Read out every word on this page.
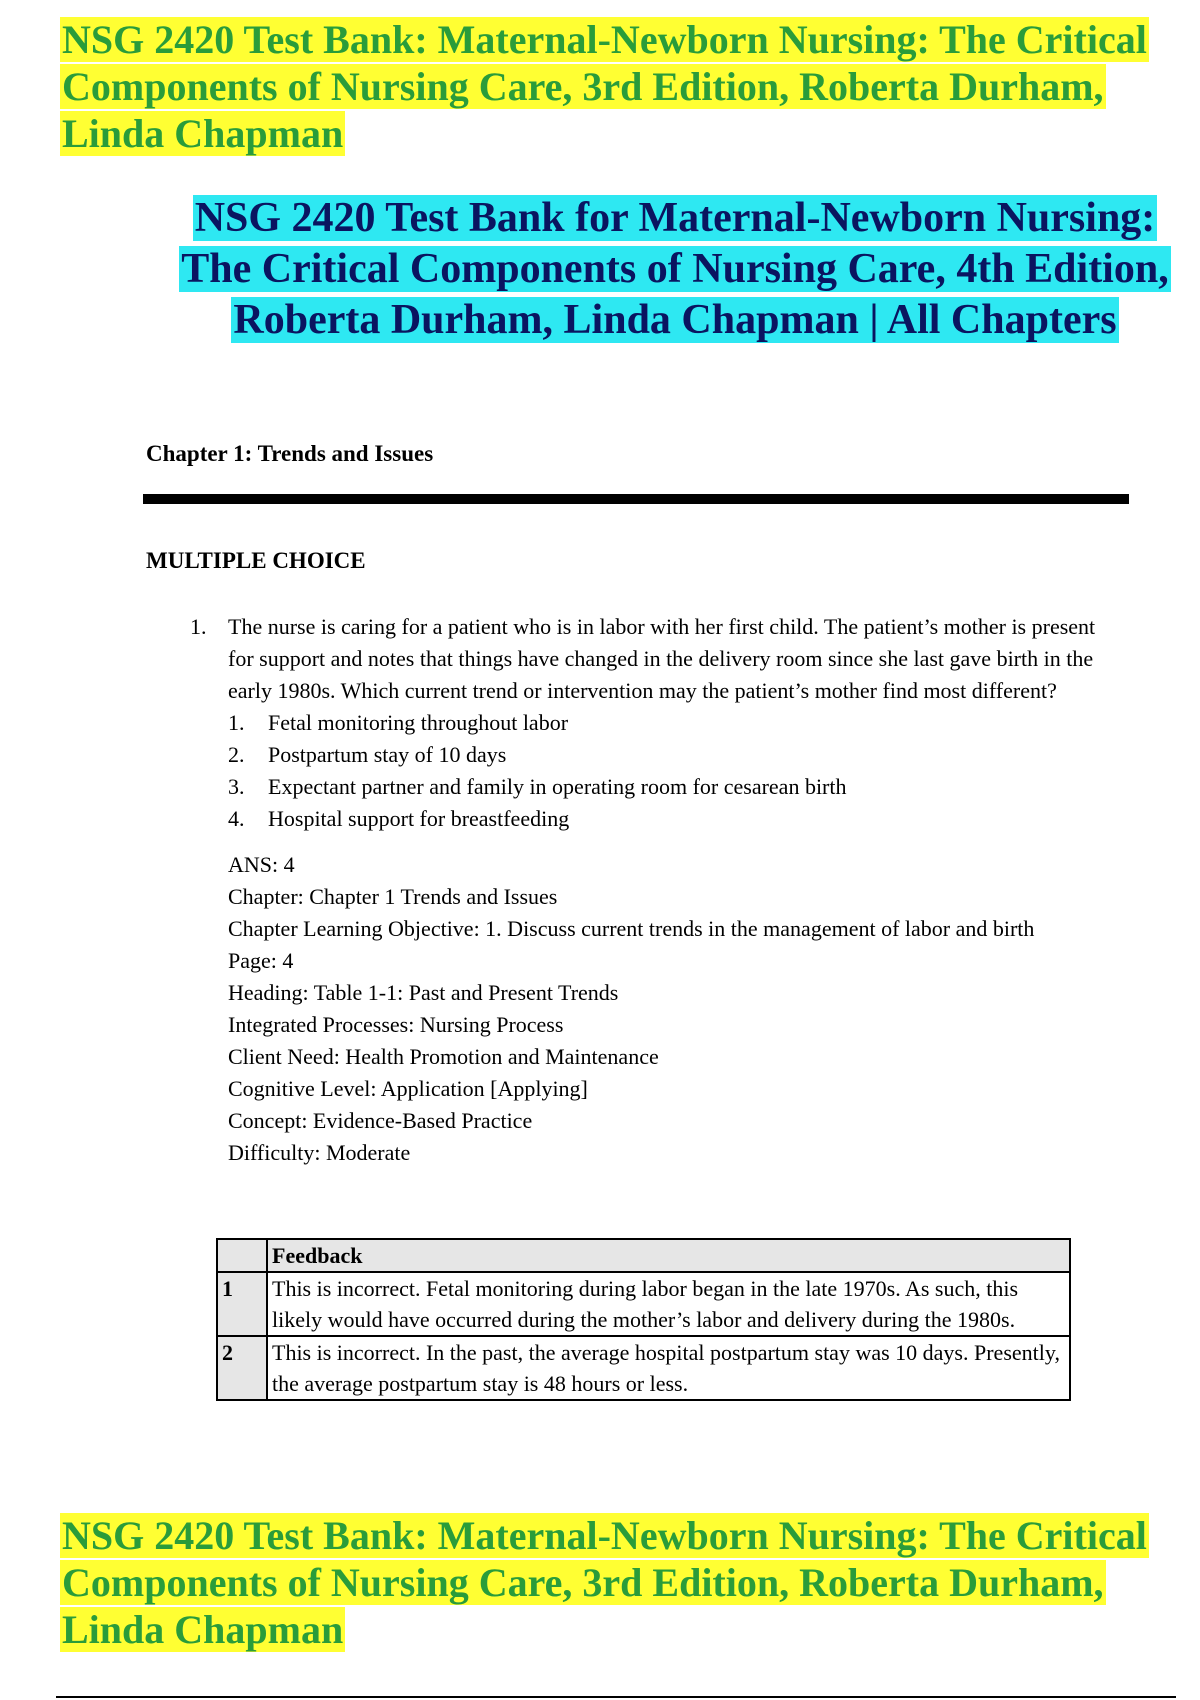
NSG 2420 Test Bank: Maternal-Newborn Nursing: The Critical Components of Nursing Care, 3rd Edition, Roberta Durham, Linda Chapman
NSG 2420 Test Bank for Maternal-Newborn Nursing: The Critical Components of Nursing Care, 4th Edition, Roberta Durham, Linda Chapman | All Chapters
Chapter 1: Trends and Issues
MULTIPLE CHOICE
1. The nurse is caring for a patient who is in labor with her first child. The patient’s mother is present for support and notes that things have changed in the delivery room since she last gave birth in the early 1980s. Which current trend or intervention may the patient’s mother find most different?
1. Fetal monitoring throughout labor
2. Postpartum stay of 10 days
3. Expectant partner and family in operating room for cesarean birth
4. Hospital support for breastfeeding
ANS: 4
Chapter: Chapter 1 Trends and Issues
Chapter Learning Objective: 1. Discuss current trends in the management of labor and birth
Page: 4
Heading: Table 1-1: Past and Present Trends
Integrated Processes: Nursing Process
Client Need: Health Promotion and Maintenance
Cognitive Level: Application [Applying]
Concept: Evidence-Based Practice
Difficulty: Moderate
	Feedback
1	This is incorrect. Fetal monitoring during labor began in the late 1970s. As such, this likely would have occurred during the mother’s labor and delivery during the 1980s.
2	This is incorrect. In the past, the average hospital postpartum stay was 10 days. Presently, the average postpartum stay is 48 hours or less.
NSG 2420 Test Bank: Maternal-Newborn Nursing: The Critical Components of Nursing Care, 3rd Edition, Roberta Durham, Linda Chapman
